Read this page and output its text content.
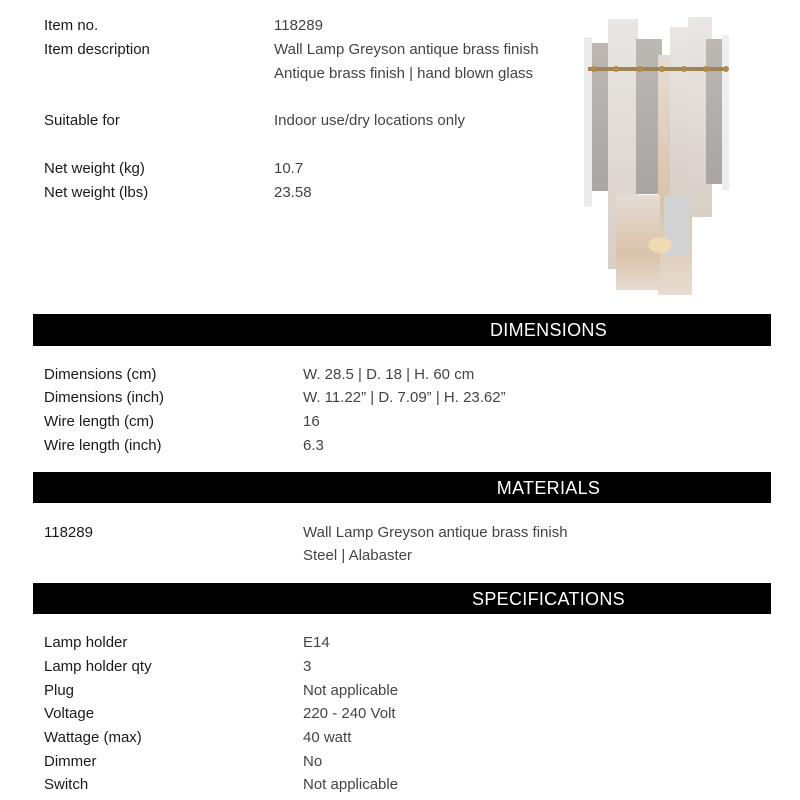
Item no.	118289
Item description	Wall Lamp Greyson antique brass finish
Antique brass finish | hand blown glass
Suitable for	Indoor use/dry locations only
Net weight (kg)	10.7
Net weight (lbs)	23.58
DIMENSIONS
Dimensions (cm)	W. 28.5 | D. 18 | H. 60 cm
Dimensions (inch)	W. 11.22” | D. 7.09” | H. 23.62”
Wire length (cm)	16
Wire length (inch)	6.3
MATERIALS
118289	Wall Lamp Greyson antique brass finish
Steel | Alabaster
SPECIFICATIONS
Lamp holder	E14
Lamp holder qty	3
Plug	Not applicable
Voltage	220 - 240 Volt
Wattage (max)	40 watt
Dimmer	No
Switch	Not applicable
